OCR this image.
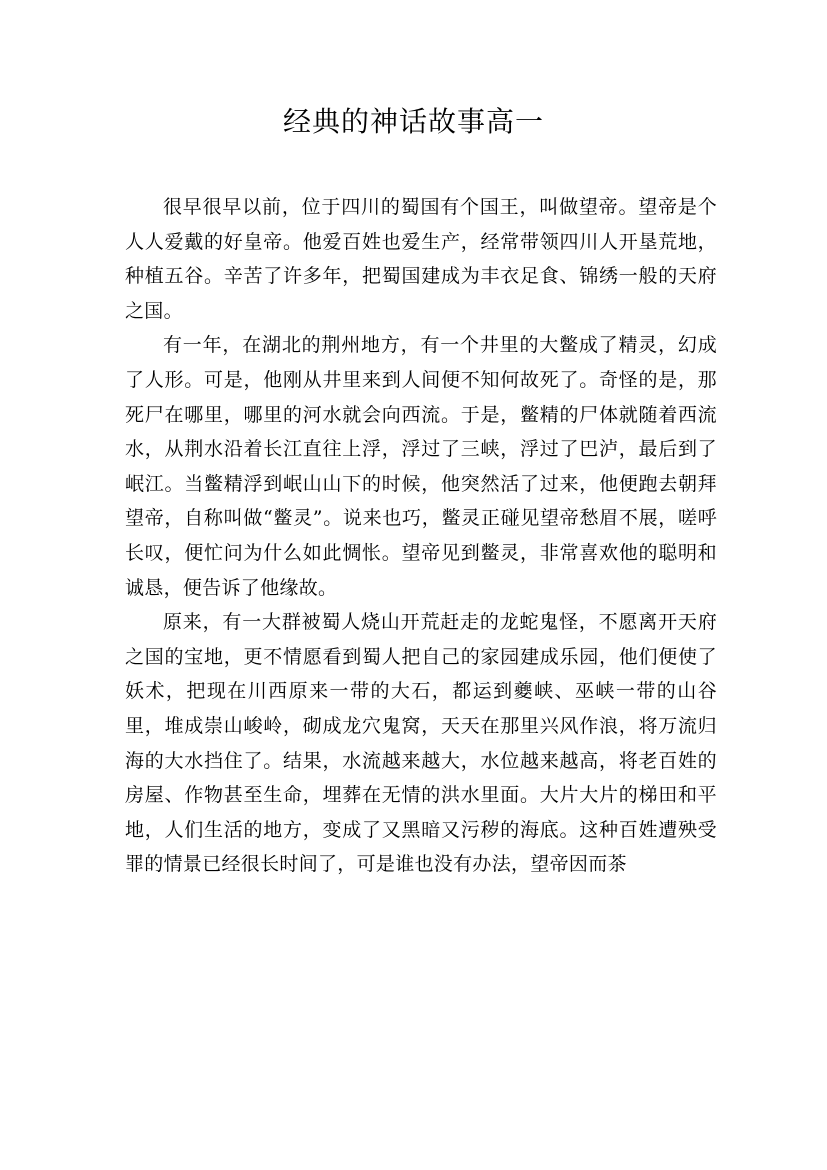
经典的神话故事高一

很早很早以前，位于四川的蜀国有个国王，叫做望帝。望帝是个人人爱戴的好皇帝。他爱百姓也爱生产，经常带领四川人开垦荒地，种植五谷。辛苦了许多年，把蜀国建成为丰衣足食、锦绣一般的天府之国。

有一年，在湖北的荆州地方，有一个井里的大鳖成了精灵，幻成了人形。可是，他刚从井里来到人间便不知何故死了。奇怪的是，那死尸在哪里，哪里的河水就会向西流。于是，鳖精的尸体就随着西流水，从荆水沿着长江直往上浮，浮过了三峡，浮过了巴泸，最后到了岷江。当鳖精浮到岷山山下的时候，他突然活了过来，他便跑去朝拜望帝，自称叫做“鳖灵”。说来也巧，鳖灵正碰见望帝愁眉不展，嗟呼长叹，便忙问为什么如此惆怅。望帝见到鳖灵，非常喜欢他的聪明和诚恳，便告诉了他缘故。

原来，有一大群被蜀人烧山开荒赶走的龙蛇鬼怪，不愿离开天府之国的宝地，更不情愿看到蜀人把自己的家园建成乐园，他们便使了妖术，把现在川西原来一带的大石，都运到夔峡、巫峡一带的山谷里，堆成崇山峻岭，砌成龙穴鬼窝，天天在那里兴风作浪，将万流归海的大水挡住了。结果，水流越来越大，水位越来越高，将老百姓的房屋、作物甚至生命，埋葬在无情的洪水里面。大片大片的梯田和平地，人们生活的地方，变成了又黑暗又污秽的海底。这种百姓遭殃受罪的情景已经很长时间了，可是谁也没有办法，望帝因而茶
